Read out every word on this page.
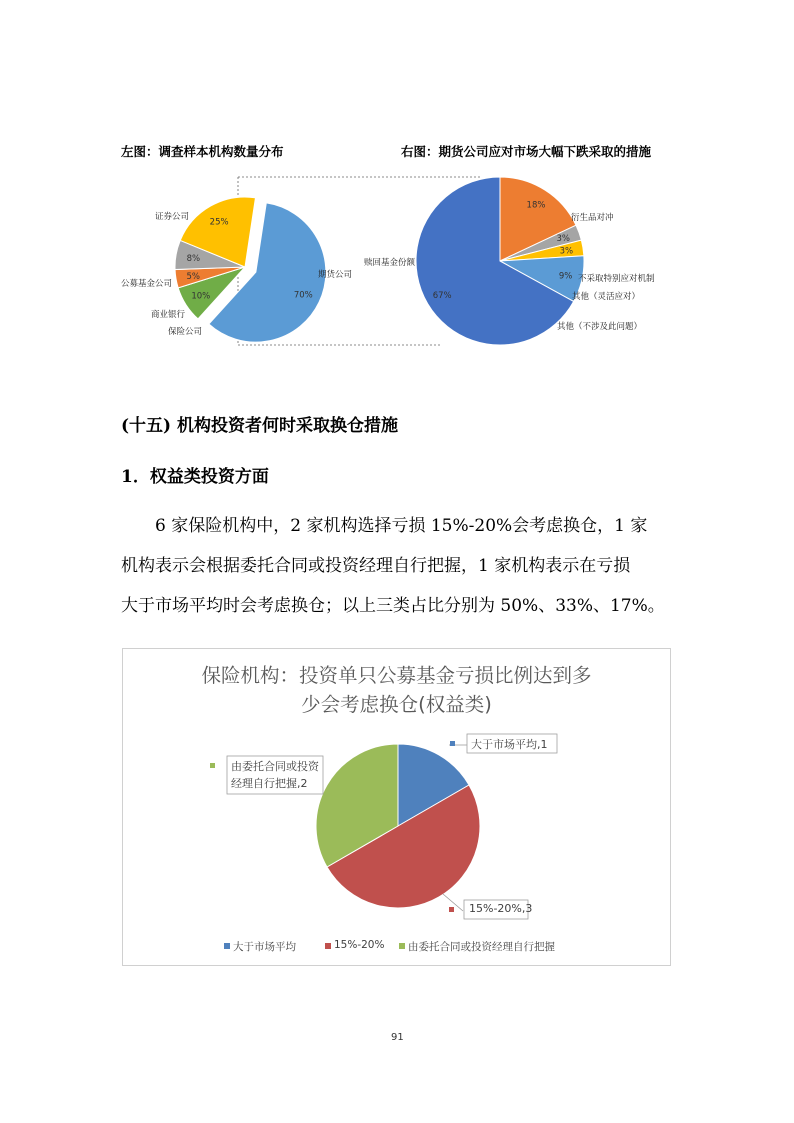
左图：调查样本机构数量分布	右图：期货公司应对市场大幅下跌采取的措施
70%
10%
5%
8%
25%
18%
3%
3%
9%
67%
证券公司
期货公司
公募基金公司
商业银行
保险公司
赎回基金份额
衍生品对冲
不采取特别应对机制
其他（灵活应对）
其他（不涉及此问题）
(十五) 机构投资者何时采取换仓措施
1．权益类投资方面
6 家保险机构中，2 家机构选择亏损 15%-20%会考虑换仓，1 家
机构表示会根据委托合同或投资经理自行把握，1 家机构表示在亏损
大于市场平均时会考虑换仓；以上三类占比分别为 50%、33%、17%。
保险机构：投资单只公募基金亏损比例达到多
少会考虑换仓(权益类)
大于市场平均,1
15%-20%,3
由委托合同或投资
经理自行把握,2
大于市场平均	15%-20% 由委托合同或投资经理自行把握
91
